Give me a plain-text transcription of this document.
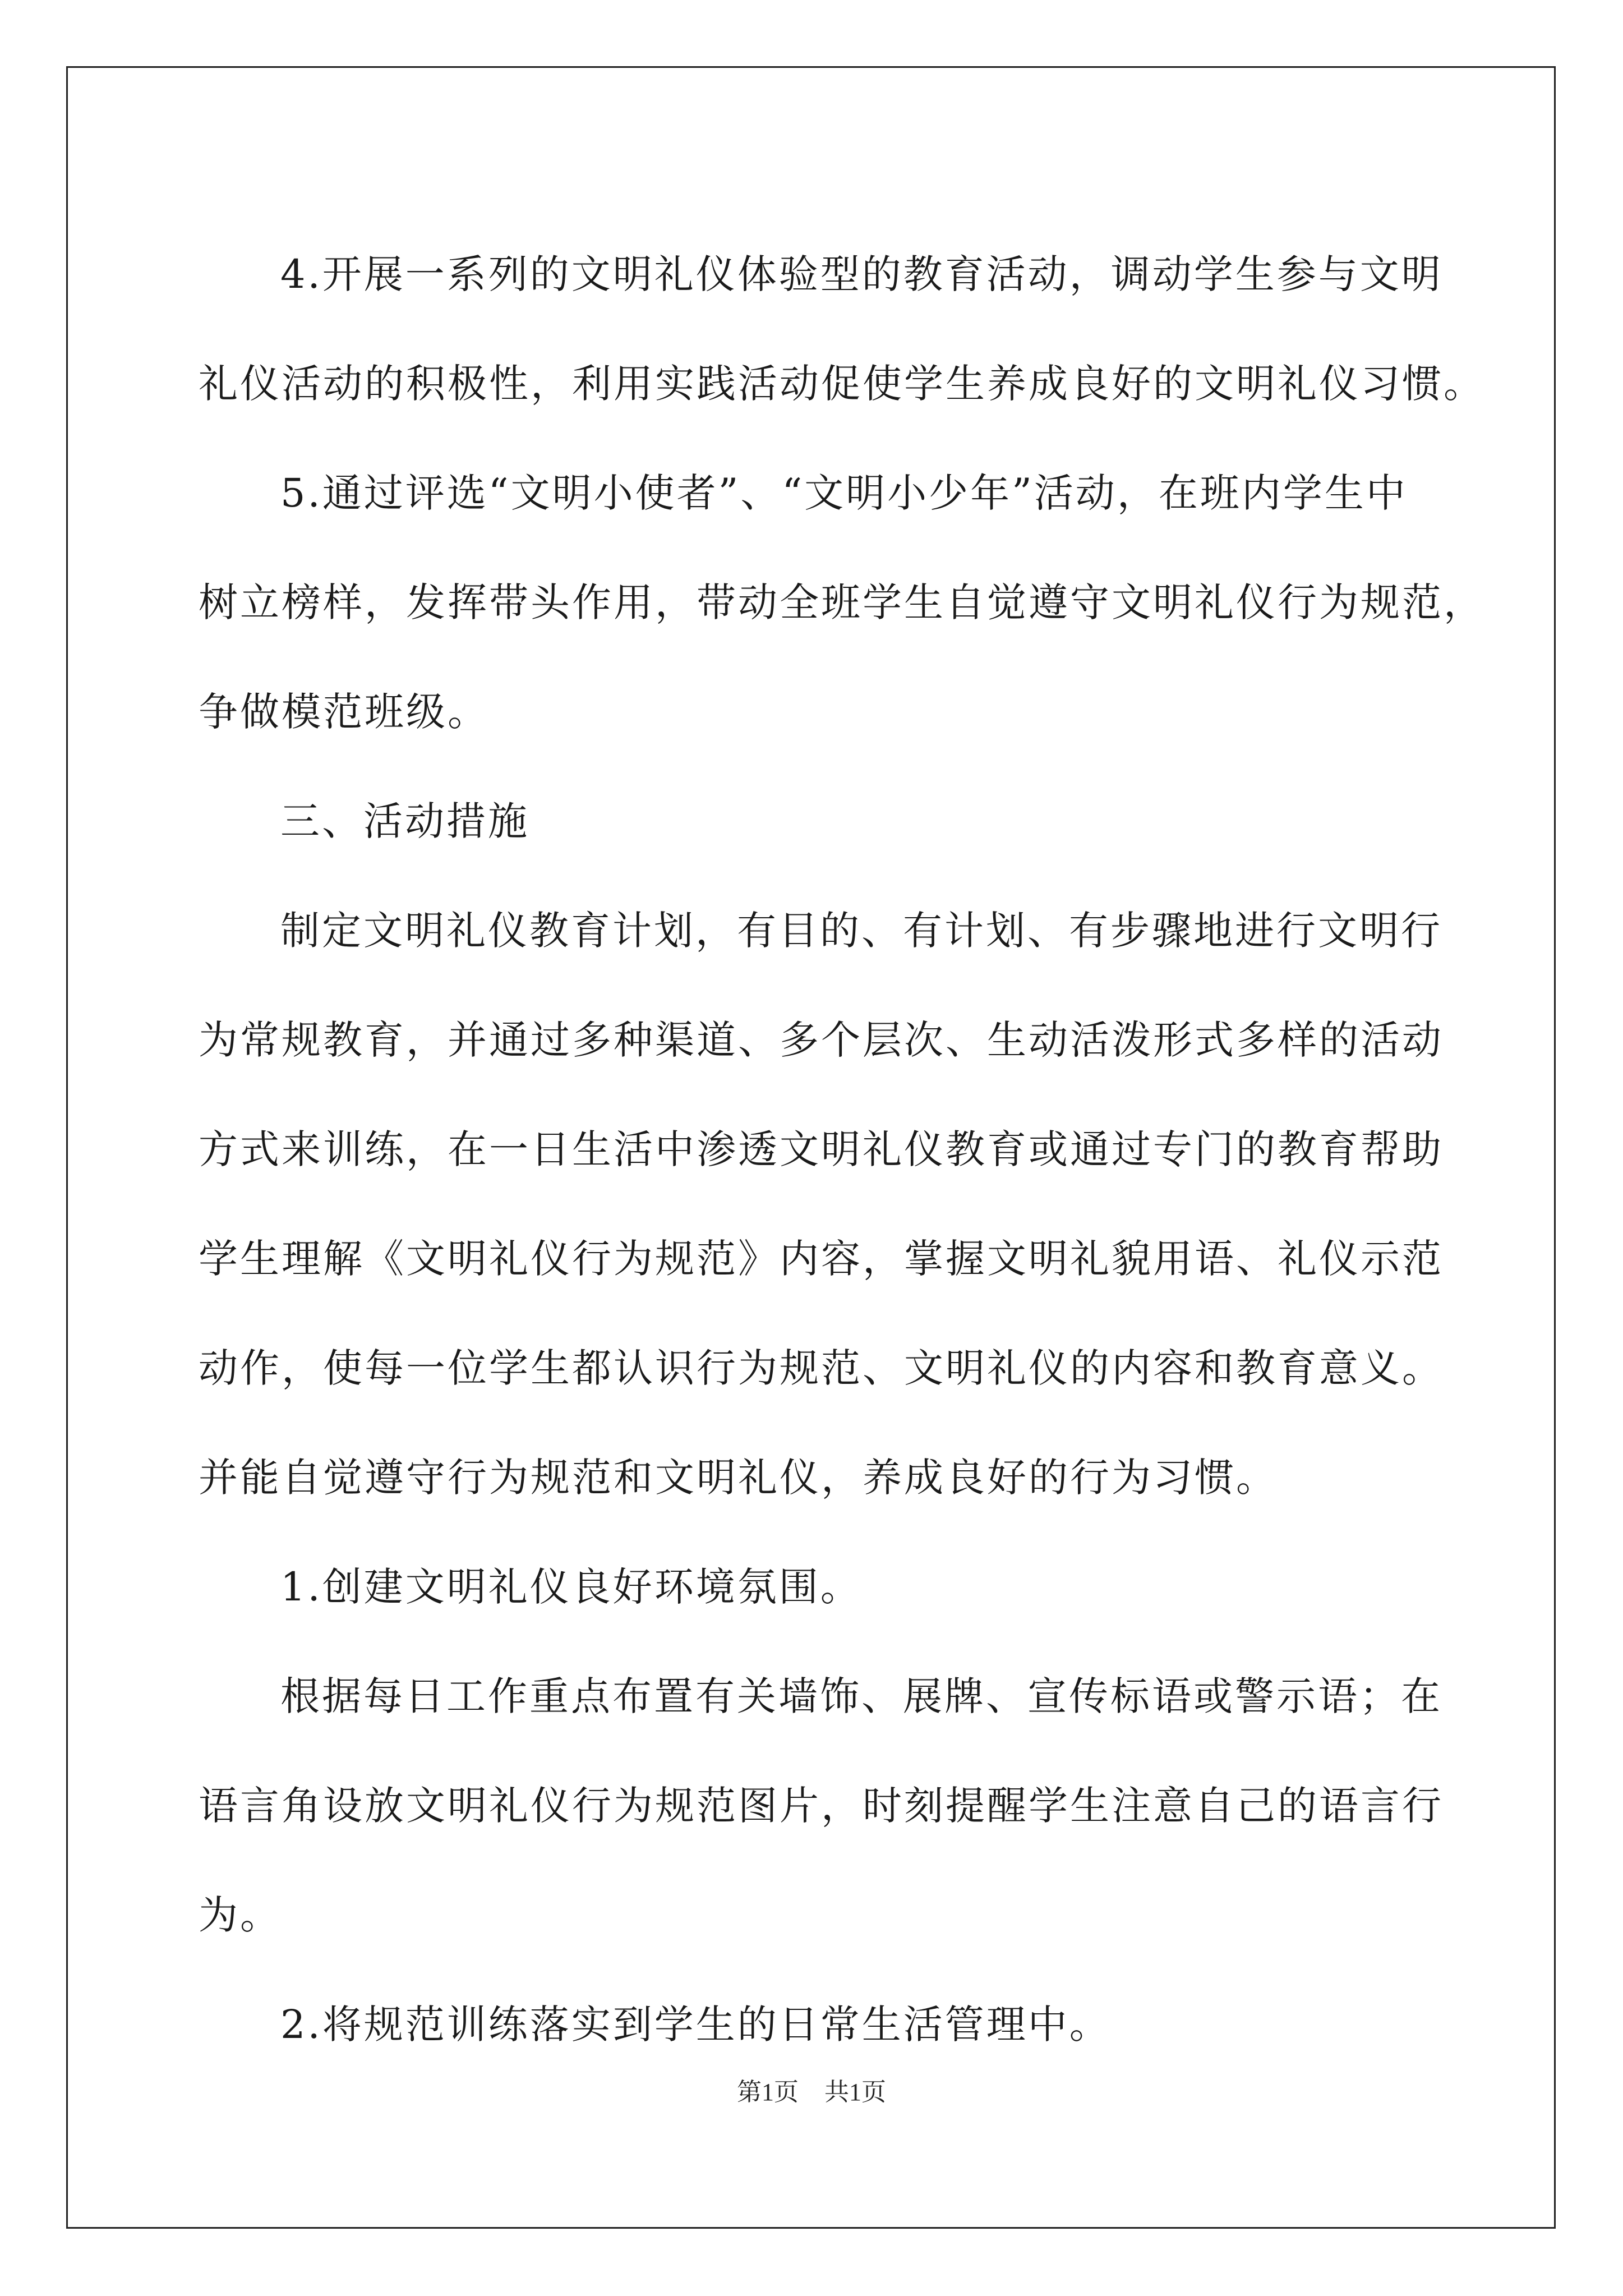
4.开展一系列的文明礼仪体验型的教育活动，调动学生参与文明
礼仪活动的积极性，利用实践活动促使学生养成良好的文明礼仪习惯。
5.通过评选“文明小使者”、“文明小少年”活动，在班内学生中
树立榜样，发挥带头作用，带动全班学生自觉遵守文明礼仪行为规范，
争做模范班级。
三、活动措施
制定文明礼仪教育计划，有目的、有计划、有步骤地进行文明行
为常规教育，并通过多种渠道、多个层次、生动活泼形式多样的活动
方式来训练，在一日生活中渗透文明礼仪教育或通过专门的教育帮助
学生理解《文明礼仪行为规范》内容，掌握文明礼貌用语、礼仪示范
动作，使每一位学生都认识行为规范、文明礼仪的内容和教育意义。
并能自觉遵守行为规范和文明礼仪，养成良好的行为习惯。
1.创建文明礼仪良好环境氛围。
根据每日工作重点布置有关墙饰、展牌、宣传标语或警示语；在
语言角设放文明礼仪行为规范图片，时刻提醒学生注意自己的语言行
为。
2.将规范训练落实到学生的日常生活管理中。
第1页 共1页
